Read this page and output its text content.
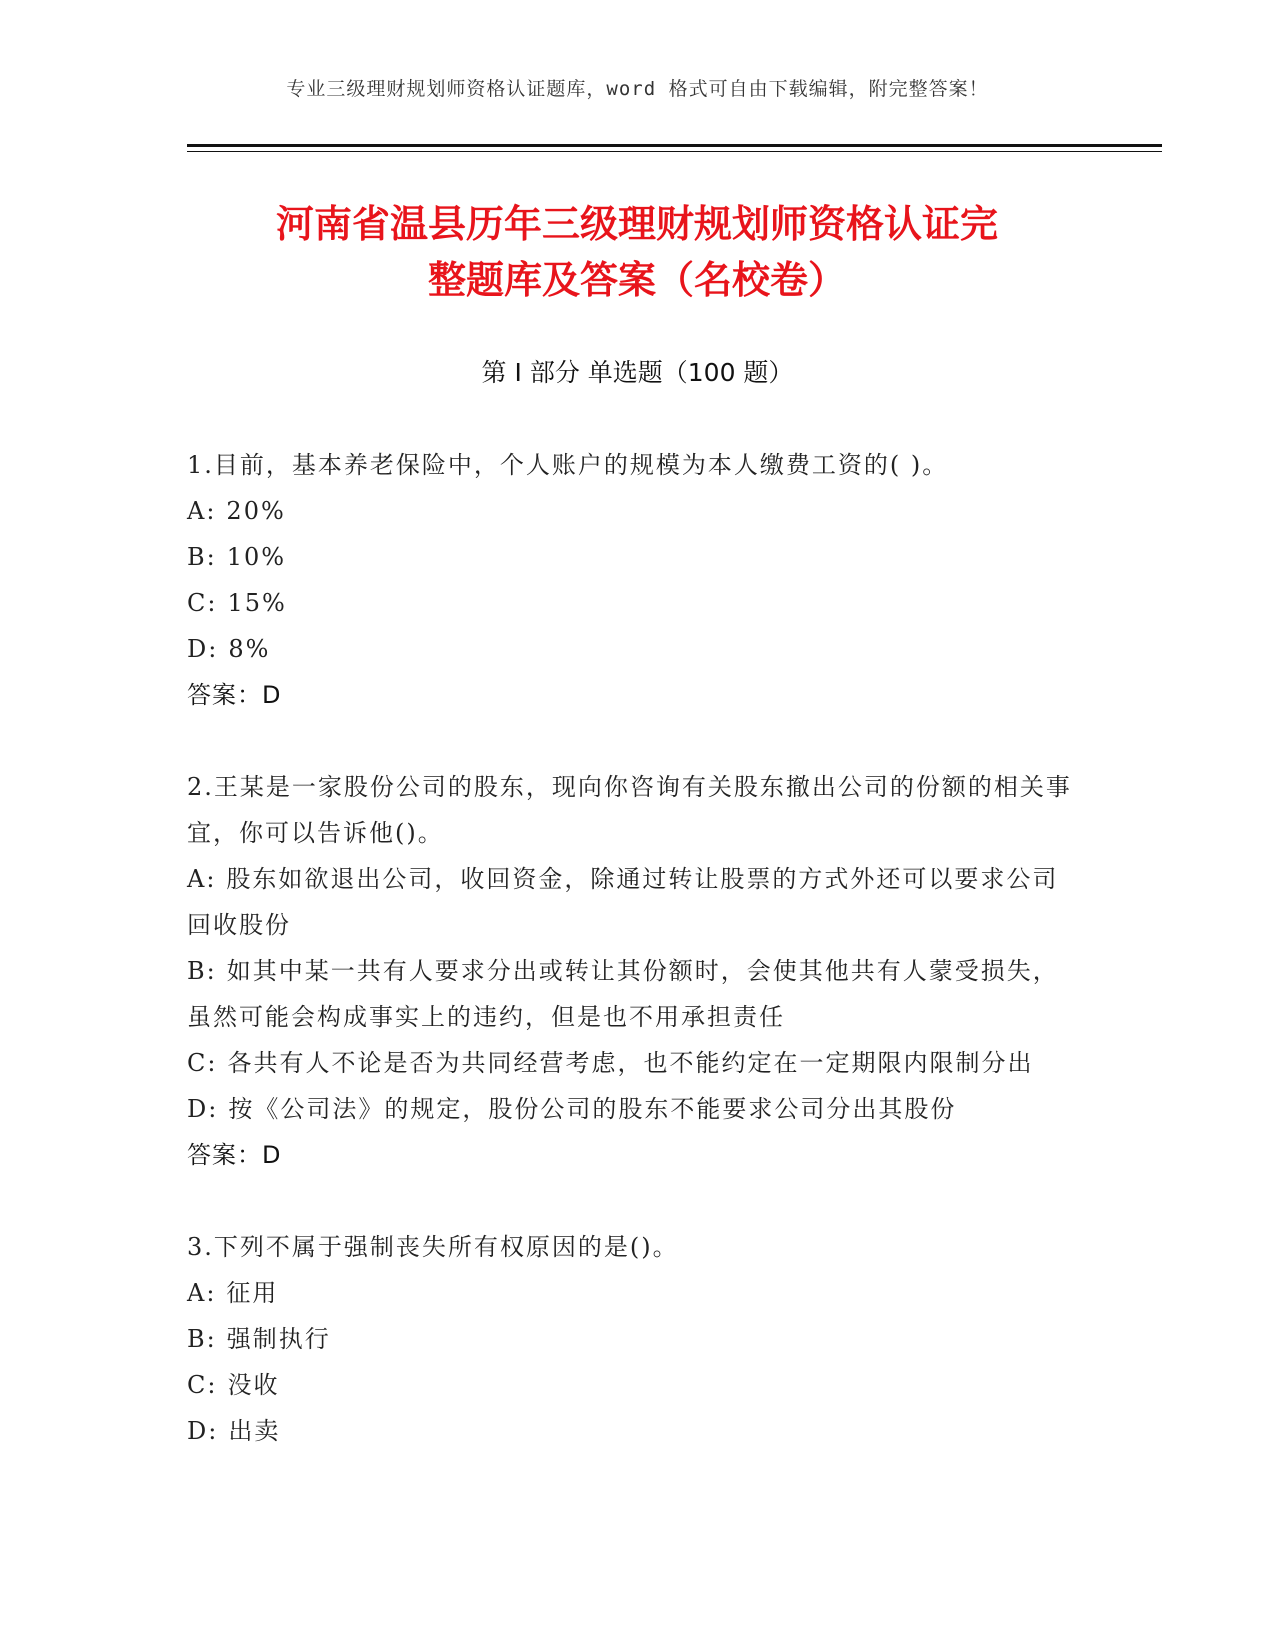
专业三级理财规划师资格认证题库，word 格式可自由下载编辑，附完整答案！
河南省温县历年三级理财规划师资格认证完
整题库及答案（名校卷）
第 I 部分 单选题（100 题）

1.目前，基本养老保险中，个人账户的规模为本人缴费工资的( )。

A: 20%

B: 10%

C: 15%

D: 8%

答案：D

2.王某是一家股份公司的股东，现向你咨询有关股东撤出公司的份额的相关事宜，你可以告诉他()。

A: 股东如欲退出公司，收回资金，除通过转让股票的方式外还可以要求公司回收股份

B: 如其中某一共有人要求分出或转让其份额时，会使其他共有人蒙受损失，虽然可能会构成事实上的违约，但是也不用承担责任

C: 各共有人不论是否为共同经营考虑，也不能约定在一定期限内限制分出

D: 按《公司法》的规定，股份公司的股东不能要求公司分出其股份

答案：D

3.下列不属于强制丧失所有权原因的是()。

A: 征用

B: 强制执行

C: 没收

D: 出卖
